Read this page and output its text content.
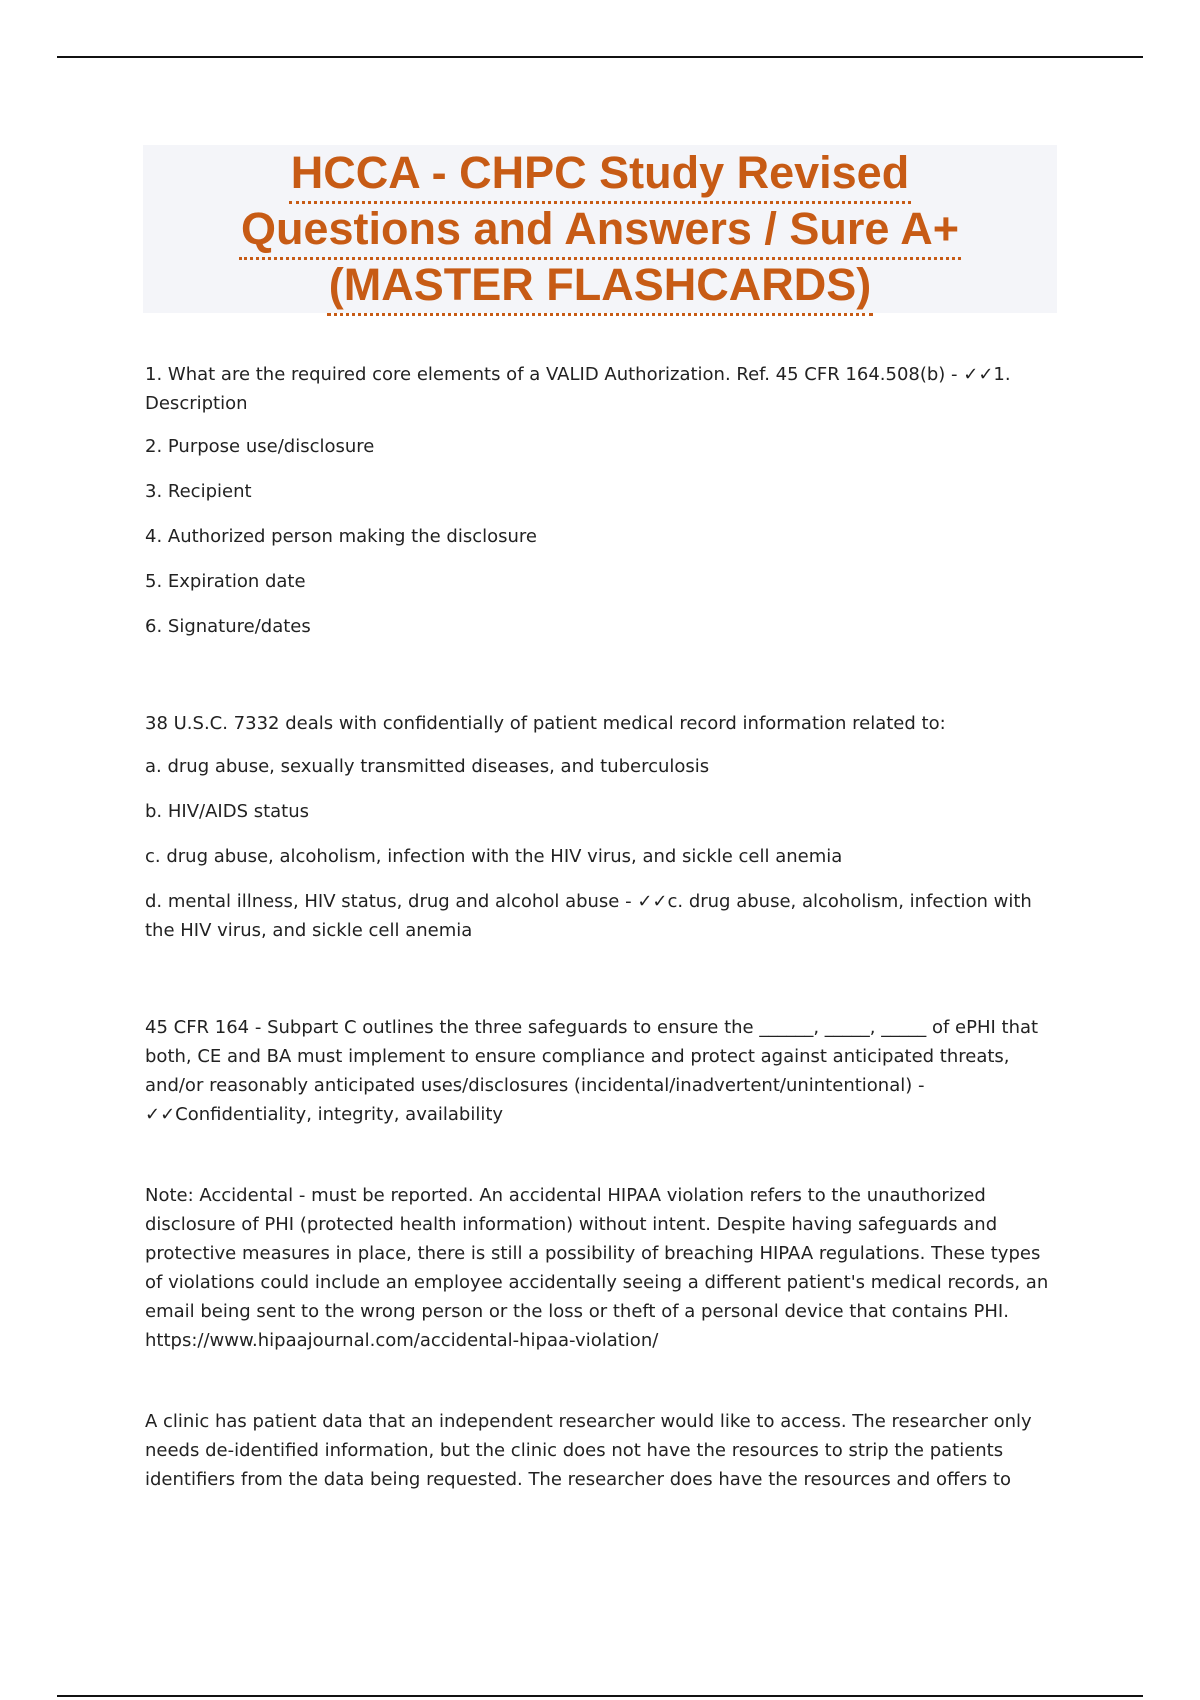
HCCA - CHPC Study Revised
Questions and Answers / Sure A+
(MASTER FLASHCARDS)

1. What are the required core elements of a VALID Authorization. Ref. 45 CFR 164.508(b) - ✓✓1. Description

2. Purpose use/disclosure

3. Recipient

4. Authorized person making the disclosure

5. Expiration date

6. Signature/dates

38 U.S.C. 7332 deals with confidentially of patient medical record information related to:

a. drug abuse, sexually transmitted diseases, and tuberculosis

b. HIV/AIDS status

c. drug abuse, alcoholism, infection with the HIV virus, and sickle cell anemia

d. mental illness, HIV status, drug and alcohol abuse - ✓✓c. drug abuse, alcoholism, infection with the HIV virus, and sickle cell anemia

45 CFR 164 - Subpart C outlines the three safeguards to ensure the ______, _____, _____ of ePHI that both, CE and BA must implement to ensure compliance and protect against anticipated threats, and/or reasonably anticipated uses/disclosures (incidental/inadvertent/unintentional) - ✓✓Confidentiality, integrity, availability

Note: Accidental - must be reported. An accidental HIPAA violation refers to the unauthorized disclosure of PHI (protected health information) without intent. Despite having safeguards and protective measures in place, there is still a possibility of breaching HIPAA regulations. These types of violations could include an employee accidentally seeing a different patient's medical records, an email being sent to the wrong person or the loss or theft of a personal device that contains PHI. https://www.hipaajournal.com/accidental-hipaa-violation/

A clinic has patient data that an independent researcher would like to access. The researcher only needs de-identified information, but the clinic does not have the resources to strip the patients identifiers from the data being requested. The researcher does have the resources and offers to
